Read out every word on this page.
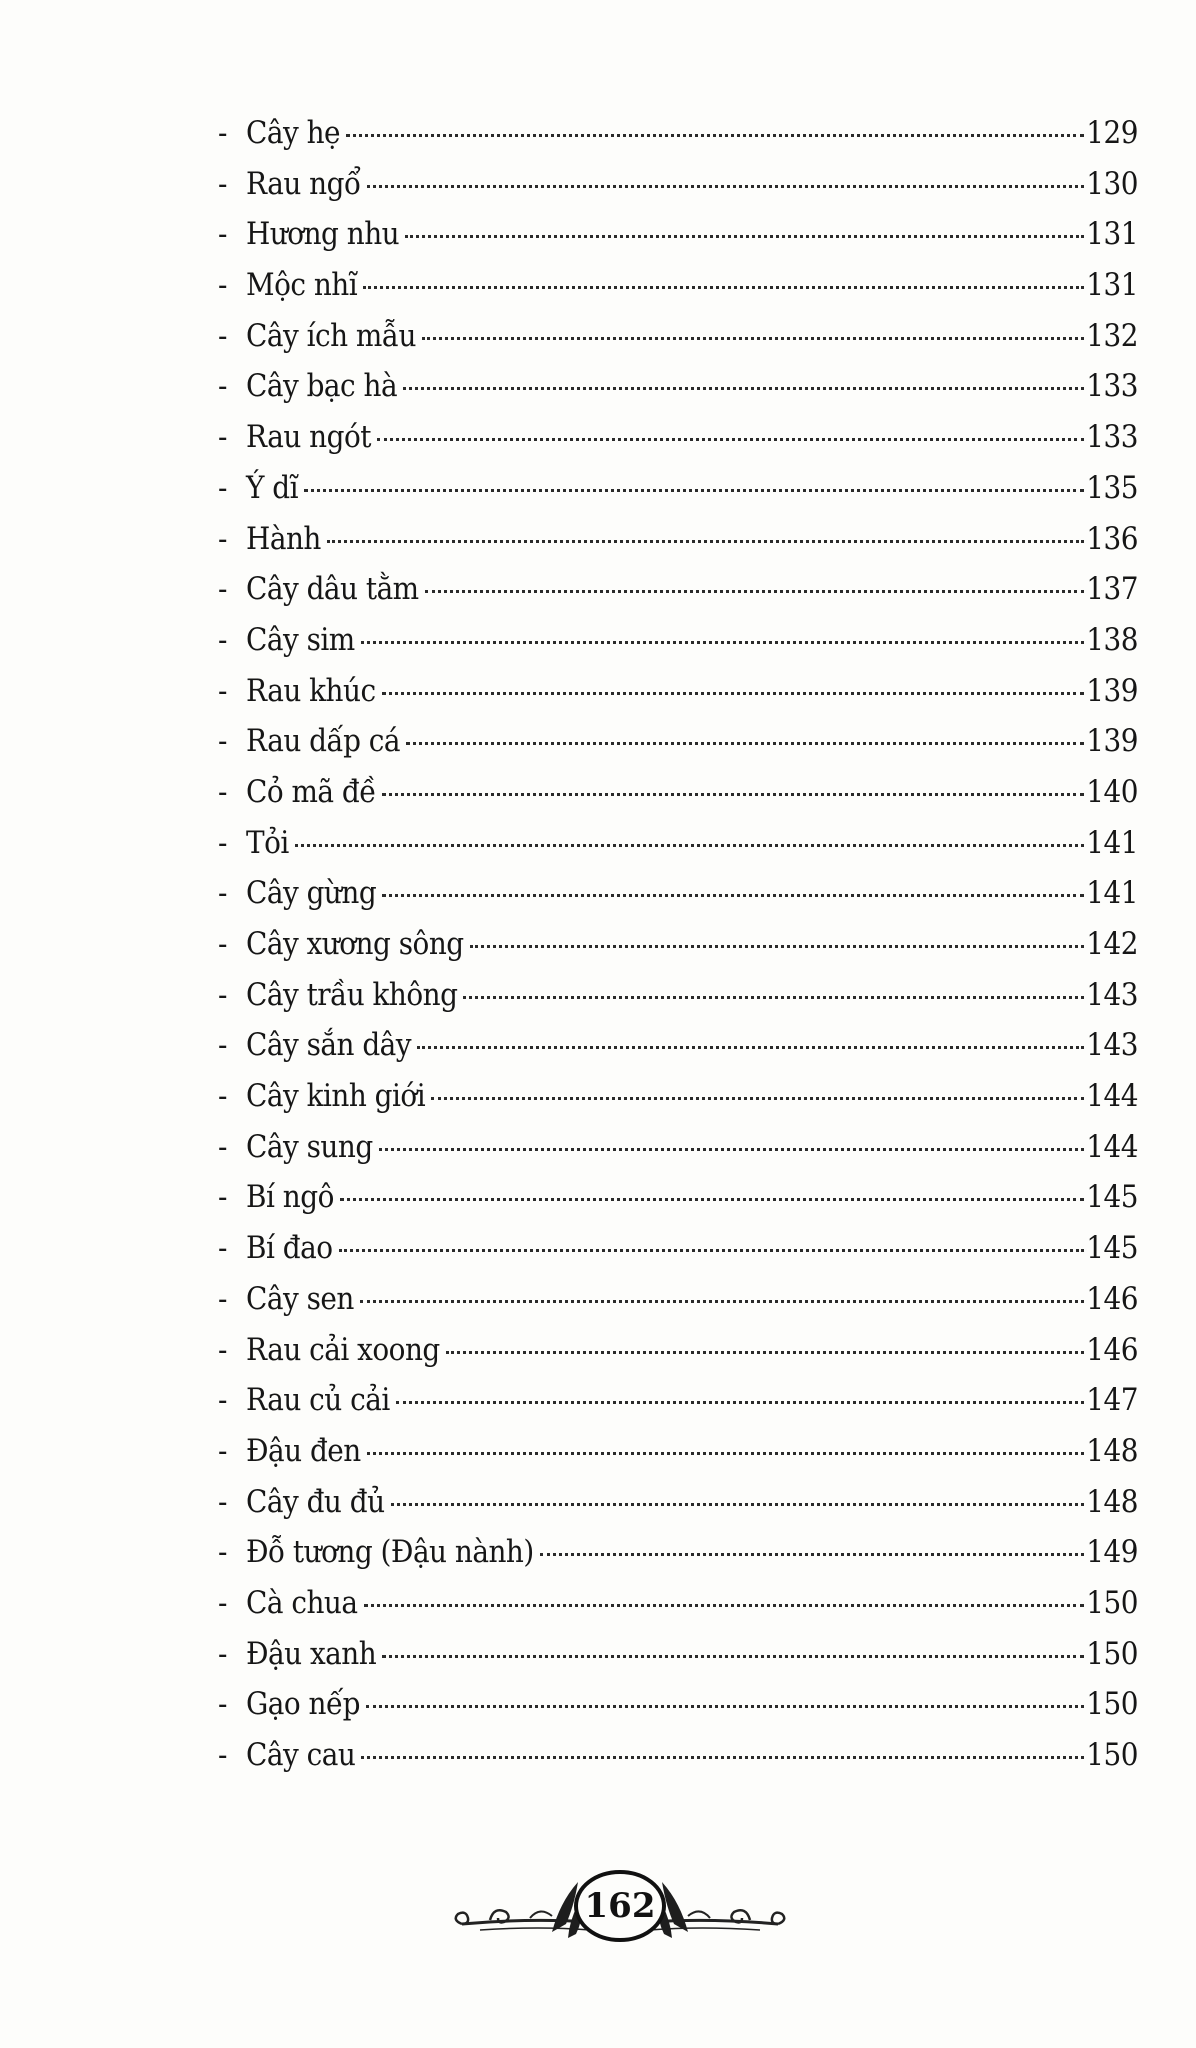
- Cây hẹ	129
- Rau ngổ	130
- Hương nhu	131
- Mộc nhĩ	131
- Cây ích mẫu	132
- Cây bạc hà	133
- Rau ngót	133
- Ý dĩ	135
- Hành	136
- Cây dâu tằm	137
- Cây sim	138
- Rau khúc	139
- Rau dấp cá	139
- Cỏ mã đề	140
- Tỏi	141
- Cây gừng	141
- Cây xương sông	142
- Cây trầu không	143
- Cây sắn dây	143
- Cây kinh giới	144
- Cây sung	144
- Bí ngô	145
- Bí đao	145
- Cây sen	146
- Rau cải xoong	146
- Rau củ cải	147
- Đậu đen	148
- Cây đu đủ	148
- Đỗ tương (Đậu nành)	149
- Cà chua	150
- Đậu xanh	150
- Gạo nếp	150
- Cây cau	150
162
